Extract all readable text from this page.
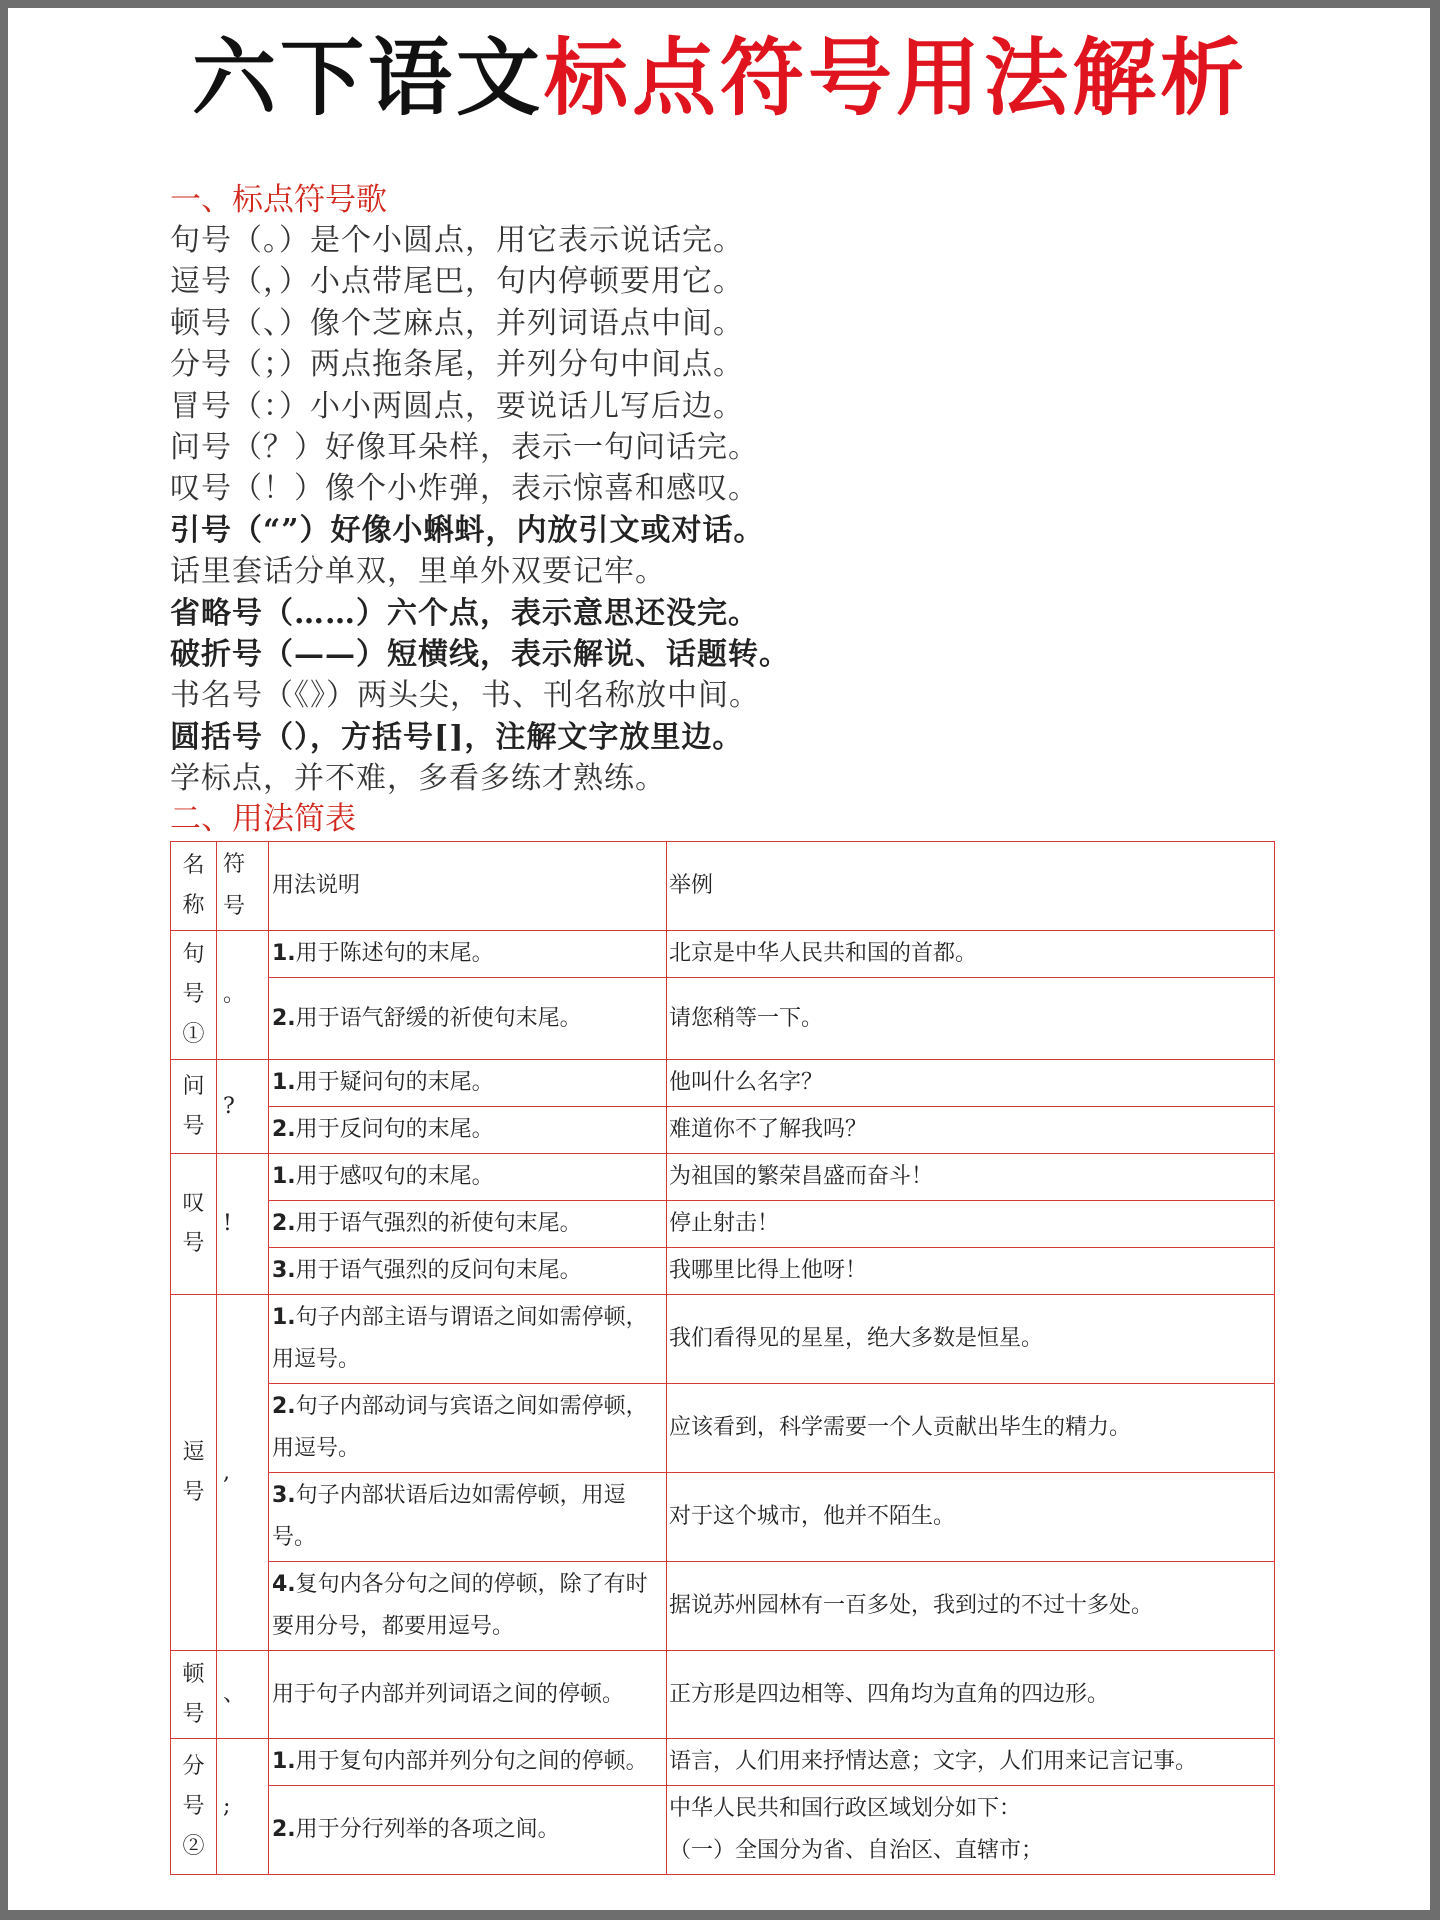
六下语文标点符号用法解析
一、标点符号歌
句号（。）是个小圆点，用它表示说话完。
逗号（，）小点带尾巴，句内停顿要用它。
顿号（、）像个芝麻点，并列词语点中间。
分号（；）两点拖条尾，并列分句中间点。
冒号（：）小小两圆点，要说话儿写后边。
问号（？）好像耳朵样，表示一句问话完。
叹号（！）像个小炸弹，表示惊喜和感叹。
引号（“”）好像小蝌蚪，内放引文或对话。
话里套话分单双，里单外双要记牢。
省略号（……）六个点，表示意思还没完。
破折号（——）短横线，表示解说、话题转。
书名号（《》）两头尖，书、刊名称放中间。
圆括号（），方括号[]，注解文字放里边。
学标点，并不难，多看多练才熟练。
二、用法简表
名称	符号	用法说明	举例
句号①	。	1.用于陈述句的末尾。	北京是中华人民共和国的首都。

		2.用于语气舒缓的祈使句末尾。	请您稍等一下。

问号	?	1.用于疑问句的末尾。	他叫什么名字？

		2.用于反问句的末尾。	难道你不了解我吗？

叹号	!	1.用于感叹句的末尾。	为祖国的繁荣昌盛而奋斗！

		2.用于语气强烈的祈使句末尾。	停止射击！

		3.用于语气强烈的反问句末尾。	我哪里比得上他呀！

逗号	,	1.句子内部主语与谓语之间如需停顿，用逗号。	我们看得见的星星，绝大多数是恒星。

		2.句子内部动词与宾语之间如需停顿，用逗号。	应该看到，科学需要一个人贡献出毕生的精力。

		3.句子内部状语后边如需停顿，用逗号。	对于这个城市，他并不陌生。

		4.复句内各分句之间的停顿，除了有时要用分号，都要用逗号。	据说苏州园林有一百多处，我到过的不过十多处。

顿号	、	用于句子内部并列词语之间的停顿。	正方形是四边相等、四角均为直角的四边形。

分号②	;	1.用于复句内部并列分句之间的停顿。	语言，人们用来抒情达意；文字，人们用来记言记事。

		2.用于分行列举的各项之间。	中华人民共和国行政区域划分如下：
（一）全国分为省、自治区、直辖市；
